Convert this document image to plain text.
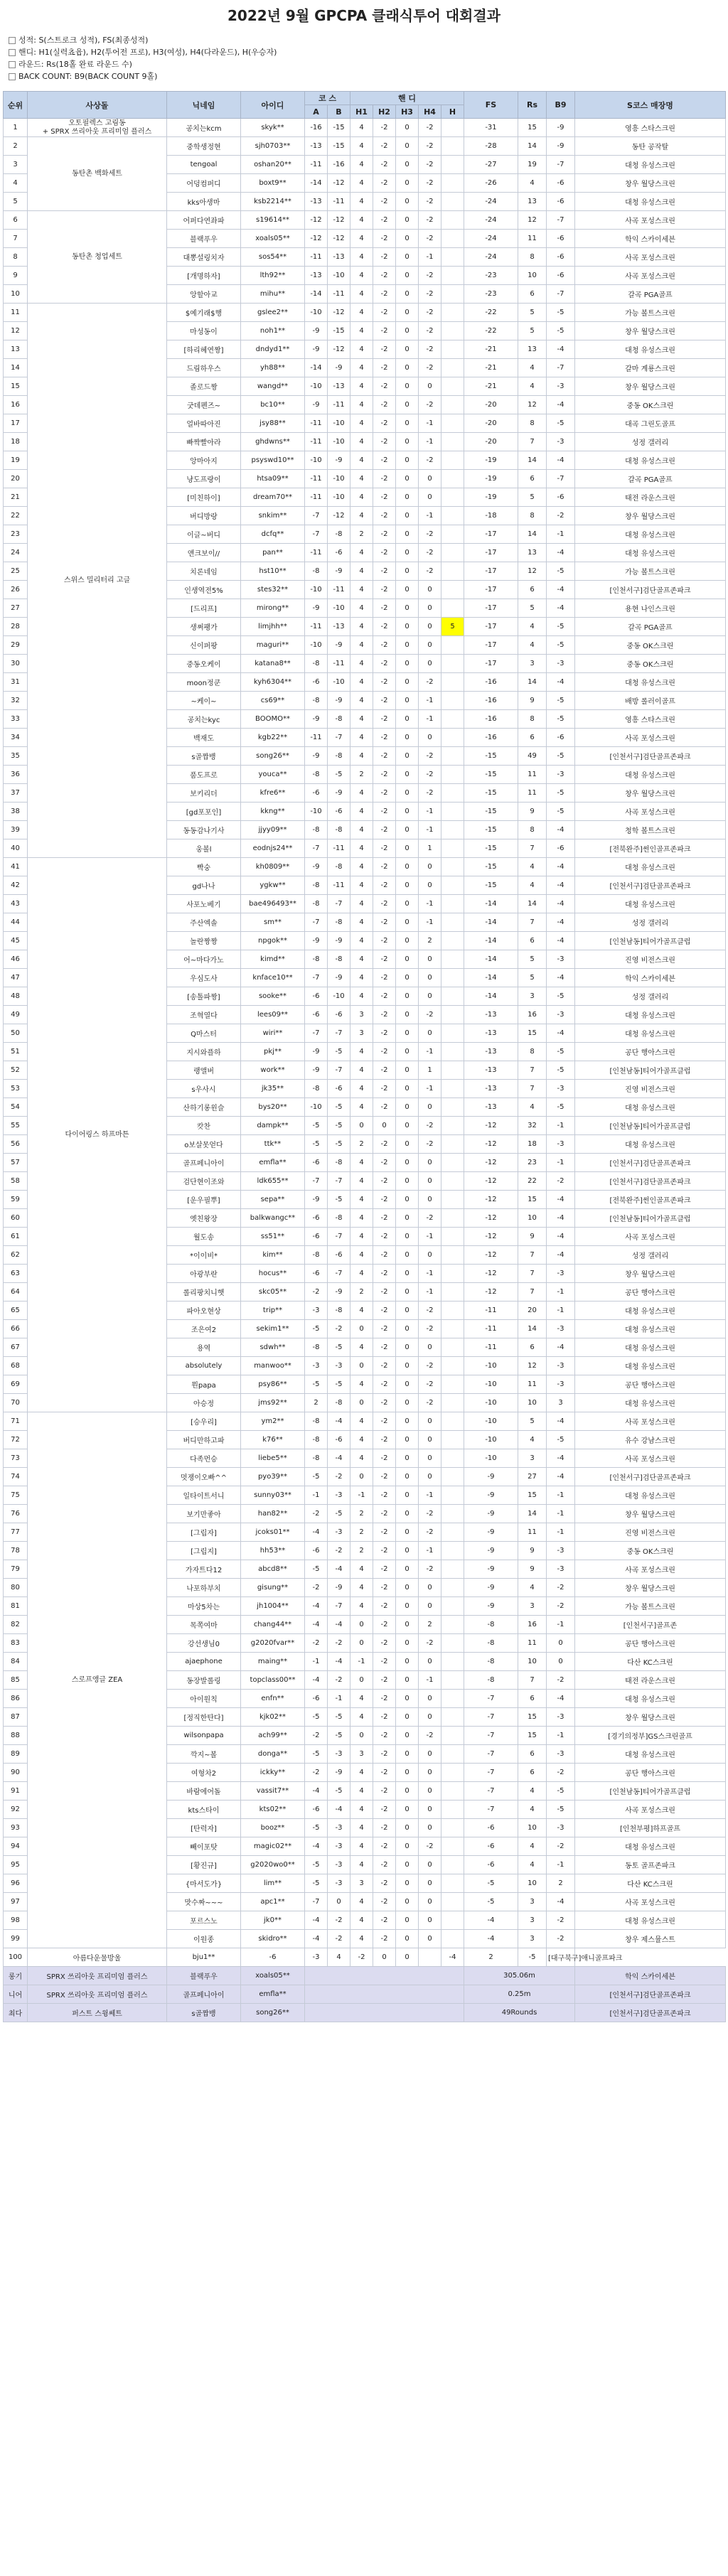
2022년 9월 GPCPA 클래식투어 대회결과
성적: S(스트로크 성적), FS(최종성적)
핸디: H1(실력쵸윱), H2(투어전 프로), H3(여성), H4(다라운드), H(우승자)
라운드: Rs(18홀 완료 라운드 수)
BACK COUNT: B9(BACK COUNT 9홀)
순위	사상돌	닉네임	아이디	코 스		핸 디					FS	Rs	B9	S코스 매장명
				A	B	H1	H2	H3	H4	H				
1	오토필렉스 고림동
+ SPRX 쓰리아웃 프리미엄 플러스	공치는kcm	skyk**	-16	-15	4	-2	0	-2		-31	15	-9	영흥 스타스크린
2	동탄촌 백화세트	중학생정현	sjh0703**	-13	-15	4	-2	0	-2		-28	14	-9	동탄 공작탈
3		tengoal	oshan20**	-11	-16	4	-2	0	-2		-27	19	-7	대청 유성스크린
4		어덩컴퍼디	boxt9**	-14	-12	4	-2	0	-2		-26	4	-6	창우 월당스크린
5		kks아생마	ksb2214**	-13	-11	4	-2	0	-2		-24	13	-6	대청 유성스크린
6	동탄촌 청업세트	어퍼다연좌파	s19614**	-12	-12	4	-2	0	-2		-24	12	-7	사곡 포성스크린
7		블랙푸우	xoals05**	-12	-12	4	-2	0	-2		-24	11	-6	학익 스카이세븐
8		대뽕설링치자	sos54**	-11	-13	4	-2	0	-1		-24	8	-6	사곡 포성스크린
9		[개명하자]	lth92**	-13	-10	4	-2	0	-2		-23	10	-6	사곡 포성스크린
10		앙할아교	mihu**	-14	-11	4	-2	0	-2		-23	6	-7	갈곡 PGA골프
11	스위스 밀리터리 고글	$예기래$행	gslee2**	-10	-12	4	-2	0	-2		-22	5	-5	가능 볼트스크린
12		마성동이	noh1**	-9	-15	4	-2	0	-2		-22	5	-5	창우 월당스크린
13		[하리혜연짱]	dndyd1**	-9	-12	4	-2	0	-2		-21	13	-4	대청 유성스크린
14		드림하우스	yh88**	-14	-9	4	-2	0	-2		-21	4	-7	갈마 계룡스크린
15		졸로드짱	wangd**	-10	-13	4	-2	0	0		-21	4	-3	창우 월당스크린
16		굿데펜즈~	bc10**	-9	-11	4	-2	0	-2		-20	12	-4	중동 OK스크린
17		얼바따아진	jsy88**	-11	-10	4	-2	0	-1		-20	8	-5	대곡 그린도골프
18		빠짝빨아라	ghdwns**	-11	-10	4	-2	0	-1		-20	7	-3	성정 갤러리
19		앙마아지	psyswd10**	-10	-9	4	-2	0	-2		-19	14	-4	대청 유성스크린
20		냥도프랑이	htsa09**	-11	-10	4	-2	0	0		-19	6	-7	갈곡 PGA골프
21		[미친하이]	dream70**	-11	-10	4	-2	0	0		-19	5	-6	태전 라운스크린
22		버디방랑	snkim**	-7	-12	4	-2	0	-1		-18	8	-2	창우 월당스크린
23		이글~버디	dcfq**	-7	-8	2	-2	0	-2		-17	14	-1	대청 유성스크린
24		앤크보이//	pan**	-11	-6	4	-2	0	-2		-17	13	-4	대청 유성스크린
25		치론네임	hst10**	-8	-9	4	-2	0	-2		-17	12	-5	가능 볼트스크린
26		인생역전5%	stes32**	-10	-11	4	-2	0	0		-17	6	-4	[인천서구]검단골프존파크
27		[드리프]	mirong**	-9	-10	4	-2	0	0		-17	5	-4	용현 나인스크린
28		생쩌팽가	limjhh**	-11	-13	4	-2	0	0	5	-17	4	-5	갈곡 PGA골프
29		신이퍼팡	maguri**	-10	-9	4	-2	0	0		-17	4	-5	중동 OK스크린
30		중동오케이	katana8**	-8	-11	4	-2	0	0		-17	3	-3	중동 OK스크린
31		moon정쿤	kyh6304**	-6	-10	4	-2	0	-2		-16	14	-4	대청 유성스크린
32		~케이~	cs69**	-8	-9	4	-2	0	-1		-16	9	-5	배방 롤러이골프
33		공치는kyc	BOOMO**	-9	-8	4	-2	0	-1		-16	8	-5	영흥 스타스크린
34		백재도	kgb22**	-11	-7	4	-2	0	0		-16	6	-6	사곡 포성스크린
35		s골짭뱅	song26**	-9	-8	4	-2	0	-2		-15	49	-5	[인천서구]검단골프존파크
36		품도프로	youca**	-8	-5	2	-2	0	-2		-15	11	-3	대청 유성스크린
37		보키리더	kfre6**	-6	-9	4	-2	0	-2		-15	11	-5	창우 월당스크린
38		[gd포포인]	kkng**	-10	-6	4	-2	0	-1		-15	9	-5	사곡 포성스크린
39		동동감나기사	jjyy09**	-8	-8	4	-2	0	-1		-15	8	-4	청학 볼트스크린
40		웅볼l	eodnjs24**	-7	-11	4	-2	0	1		-15	7	-6	[전북완주]썬인골프존파크
41	다이어링스 하프마튼	빡숭	kh0809**	-9	-8	4	-2	0	0		-15	4	-4	대청 유성스크린
42		gd나나	ygkw**	-8	-11	4	-2	0	0		-15	4	-4	[인천서구]검단골프존파크
43		사포노베기	bae496493**	-8	-7	4	-2	0	-1		-14	14	-4	대청 유성스크린
44		주산엑솔	sm**	-7	-8	4	-2	0	-1		-14	7	-4	성정 갤러리
45		놀란짱짱	npgok**	-9	-9	4	-2	0	2		-14	6	-4	[인천남동]티어가골프클럽
46		어~마다가노	kimd**	-8	-8	4	-2	0	0		-14	5	-3	진영 비전스크린
47		우심도사	knface10**	-7	-9	4	-2	0	0		-14	5	-4	학익 스카이세븐
48		[송톨파짱]	sooke**	-6	-10	4	-2	0	0		-14	3	-5	성정 갤러리
49		조혁열다	lees09**	-6	-6	3	-2	0	-2		-13	16	-3	대청 유성스크린
50		Q마스터	wiri**	-7	-7	3	-2	0	0		-13	15	-4	대청 유성스크린
51		지시와플하	pkj**	-9	-5	4	-2	0	-1		-13	8	-5	공단 행아스크린
52		랭앨버	work**	-9	-7	4	-2	0	1		-13	7	-5	[인천남동]티어가골프클럽
53		s우사시	jk35**	-8	-6	4	-2	0	-1		-13	7	-3	진영 비전스크린
54		산하기롱윈슬	bys20**	-10	-5	4	-2	0	0		-13	4	-5	대청 유성스크린
55		캇찬	dampk**	-5	-5	0	0	0	-2		-12	32	-1	[인천남동]티어가골프클럽
56		o보살못얻다	ttk**	-5	-5	2	-2	0	-2		-12	18	-3	대청 유성스크린
57		골프페니아이	emfla**	-6	-8	4	-2	0	0		-12	23	-1	[인천서구]검단골프존파크
58		검단현이조와	ldk655**	-7	-7	4	-2	0	0		-12	22	-2	[인천서구]검단골프존파크
59		[운우필뿌]	sepa**	-9	-5	4	-2	0	0		-12	15	-4	[전북완주]썬인골프존파크
60		옛친왕장	balkwangc**	-6	-8	4	-2	0	-2		-12	10	-4	[인천남동]티어가골프클럽
61		월도송	ss51**	-6	-7	4	-2	0	-1		-12	9	-4	사곡 포성스크린
62		*이이비*	kim**	-8	-6	4	-2	0	0		-12	7	-4	성정 갤러리
63		아광부란	hocus**	-6	-7	4	-2	0	-1		-12	7	-3	창우 월당스크린
64		롤리팡치니햇	skc05**	-2	-9	2	-2	0	-1		-12	7	-1	공단 행아스크린
65		파아오현상	trip**	-3	-8	4	-2	0	-2		-11	20	-1	대청 유성스크린
66		조은여2	sekim1**	-5	-2	0	-2	0	-2		-11	14	-3	대청 유성스크린
67		용역	sdwh**	-8	-5	4	-2	0	0		-11	6	-4	대청 유성스크린
68		absolutely	manwoo**	-3	-3	0	-2	0	-2		-10	12	-3	대청 유성스크린
69		뭔papa	psy86**	-5	-5	4	-2	0	-2		-10	11	-3	공단 행아스크린
70		아승정	jms92**	2	-8	0	-2	0	-2		-10	10	3	대청 유성스크린
71	스로프앵글 ZEA	[승우리]	ym2**	-8	-4	4	-2	0	0		-10	5	-4	사곡 포성스크린
72		버디만하고파	k76**	-8	-6	4	-2	0	0		-10	4	-5	유수 강남스크린
73		다족먼승	liebe5**	-8	-4	4	-2	0	0		-10	3	-4	사곡 포성스크린
74		멋쟁이오빠^^	pyo39**	-5	-2	0	-2	0	0		-9	27	-4	[인천서구]검단골프존파크
75		일타이트서니	sunny03**	-1	-3	-1	-2	0	-1		-9	15	-1	대청 유성스크린
76		보기만좋아	han82**	-2	-5	2	-2	0	-2		-9	14	-1	창우 월당스크린
77		[그립자]	jcoks01**	-4	-3	2	-2	0	-2		-9	11	-1	진영 비전스크린
78		[그립지]	hh53**	-6	-2	2	-2	0	-1		-9	9	-3	중동 OK스크린
79		가자트다12	abcd8**	-5	-4	4	-2	0	-2		-9	9	-3	사곡 포성스크린
80		나포하부치	gisung**	-2	-9	4	-2	0	0		-9	4	-2	창우 월당스크린
81		마상5차는	jh1004**	-4	-7	4	-2	0	0		-9	3	-2	가능 볼트스크린
82		목쪽여마	chang44**	-4	-4	0	-2	0	2		-8	16	-1	[인천서구]골프존
83		강선생님0	g2020fvar**	-2	-2	0	-2	0	-2		-8	11	0	공단 행아스크린
84		ajaephone	maing**	-1	-4	-1	-2	0	0		-8	10	0	다산 KC스크린
85		동장발롤링	topclass00**	-4	-2	0	-2	0	-1		-8	7	-2	태전 라운스크린
86		아이원칙	enfn**	-6	-1	4	-2	0	0		-7	6	-4	대청 유성스크린
87		[정직한탄다]	kjk02**	-5	-5	4	-2	0	0		-7	15	-3	창우 월당스크린
88		wilsonpapa	ach99**	-2	-5	0	-2	0	-2		-7	15	-1	[경기의정부]GS스크린골프
89		깍지~볼	donga**	-5	-3	3	-2	0	0		-7	6	-3	대청 유성스크린
90		여형차2	ickky**	-2	-9	4	-2	0	0		-7	6	-2	공단 행아스크린
91		바람에어돌	vassit7**	-4	-5	4	-2	0	0		-7	4	-5	[인천남동]티어가골프클럽
92		kts스타이	kts02**	-6	-4	4	-2	0	0		-7	4	-5	사곡 포성스크린
93		[탄력자]	booz**	-5	-3	4	-2	0	0		-6	10	-3	[인천부평]하프골프
94		빼이포탓	magic02**	-4	-3	4	-2	0	-2		-6	4	-2	대청 유성스크린
95		[황진규]	g2020wo0**	-5	-3	4	-2	0	0		-6	4	-1	동토 골프존파크
96		{마서도가}	lim**	-5	-3	3	-2	0	0		-5	10	2	다산 KC스크린
97		맛수짜~~~	apc1**	-7	0	4	-2	0	0		-5	3	-4	사곡 포성스크린
98		포르스노	jk0**	-4	-2	4	-2	0	0		-4	3	-2	대청 유성스크린
99		이원종	skidro**	-4	-2	4	-2	0	0		-4	3	-2	창우 제스뮬스트
100	아름다운물방울	bju1**	-6	-3	4	-2	0	0		-4	2	-5	[대구북구]애니골프파크	
롱기	SPRX 쓰리아웃 프리미엄 플러스	블랙푸우	xoals05**								305.06m			학익 스카이세븐
니어	SPRX 쓰리아웃 프리미엄 플러스	골프페니아이	emfla**								0.25m			[인천서구]검단골프존파크
최다	퍼스트 스윙쎄트	s골짭뱅	song26**								49Rounds			[인천서구]검단골프존파크
